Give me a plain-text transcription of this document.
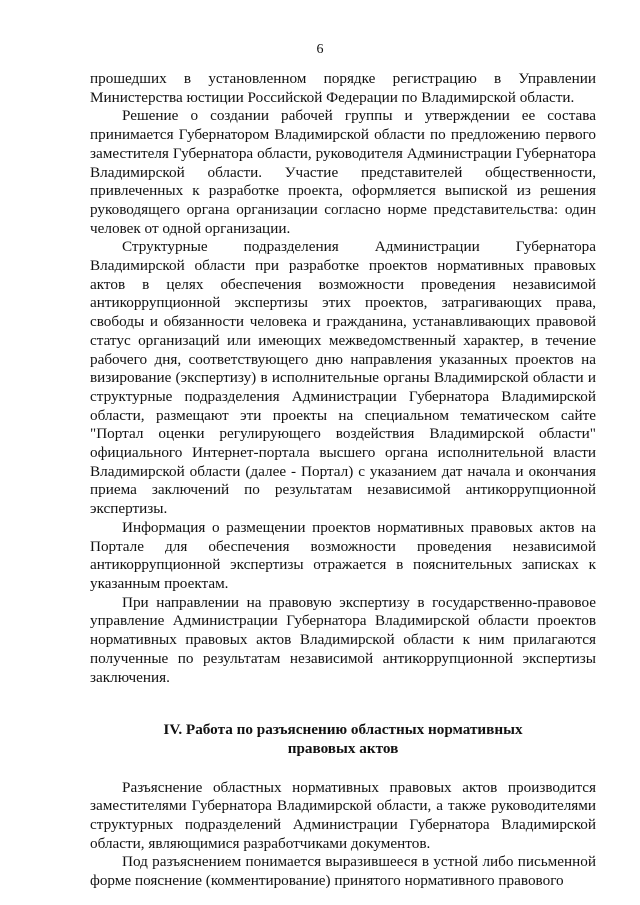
6

прошедших в установленном порядке регистрацию в Управлении Министерства юстиции Российской Федерации по Владимирской области.

Решение о создании рабочей группы и утверждении ее состава принимается Губернатором Владимирской области по предложению первого заместителя Губернатора области, руководителя Администрации Губернатора Владимирской области. Участие представителей общественности, привлеченных к разработке проекта, оформляется выпиской из решения руководящего органа организации согласно норме представительства: один человек от одной организации.

Структурные подразделения Администрации Губернатора Владимирской области при разработке проектов нормативных правовых актов в целях обеспечения возможности проведения независимой антикоррупционной экспертизы этих проектов, затрагивающих права, свободы и обязанности человека и гражданина, устанавливающих правовой статус организаций или имеющих межведомственный характер, в течение рабочего дня, соответствующего дню направления указанных проектов на визирование (экспертизу) в исполнительные органы Владимирской области и структурные подразделения Администрации Губернатора Владимирской области, размещают эти проекты на специальном тематическом сайте "Портал оценки регулирующего воздействия Владимирской области" официального Интернет-портала высшего органа исполнительной власти Владимирской области (далее - Портал) с указанием дат начала и окончания приема заключений по результатам независимой антикоррупционной экспертизы.

Информация о размещении проектов нормативных правовых актов на Портале для обеспечения возможности проведения независимой антикоррупционной экспертизы отражается в пояснительных записках к указанным проектам.

При направлении на правовую экспертизу в государственно-правовое управление Администрации Губернатора Владимирской области проектов нормативных правовых актов Владимирской области к ним прилагаются полученные по результатам независимой антикоррупционной экспертизы заключения.

IV. Работа по разъяснению областных нормативных
правовых актов

Разъяснение областных нормативных правовых актов производится заместителями Губернатора Владимирской области, а также руководителями структурных подразделений Администрации Губернатора Владимирской области, являющимися разработчиками документов.

Под разъяснением понимается выразившееся в устной либо письменной форме пояснение (комментирование) принятого нормативного правового
